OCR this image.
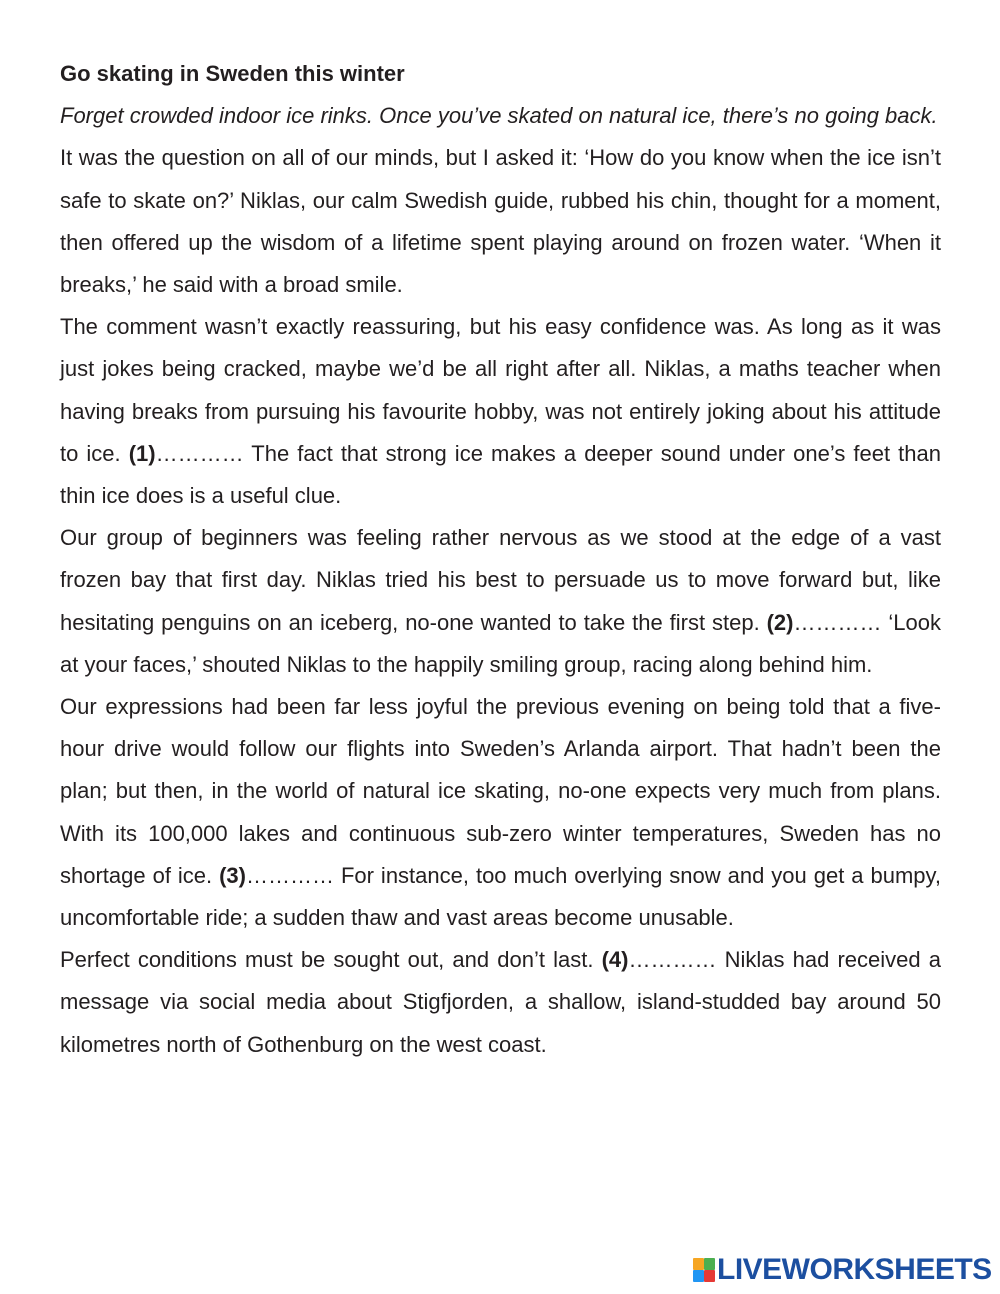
Go skating in Sweden this winter

Forget crowded indoor ice rinks. Once you’ve skated on natural ice, there’s no going back.

It was the question on all of our minds, but I asked it: ‘How do you know when the ice isn’t safe to skate on?’ Niklas, our calm Swedish guide, rubbed his chin, thought for a moment, then offered up the wisdom of a lifetime spent playing around on frozen water. ‘When it breaks,’ he said with a broad smile.

The comment wasn’t exactly reassuring, but his easy confidence was. As long as it was just jokes being cracked, maybe we’d be all right after all. Niklas, a maths teacher when having breaks from pursuing his favourite hobby, was not entirely joking about his attitude to ice. (1)………… The fact that strong ice makes a deeper sound under one’s feet than thin ice does is a useful clue.

Our group of beginners was feeling rather nervous as we stood at the edge of a vast frozen bay that first day. Niklas tried his best to persuade us to move forward but, like hesitating penguins on an iceberg, no-one wanted to take the first step. (2)………… ‘Look at your faces,’ shouted Niklas to the happily smiling group, racing along behind him.

Our expressions had been far less joyful the previous evening on being told that a five-hour drive would follow our flights into Sweden’s Arlanda airport. That hadn’t been the plan; but then, in the world of natural ice skating, no-one expects very much from plans. With its 100,000 lakes and continuous sub-zero winter temperatures, Sweden has no shortage of ice. (3)………… For instance, too much overlying snow and you get a bumpy, uncomfortable ride; a sudden thaw and vast areas become unusable.

Perfect conditions must be sought out, and don’t last. (4)………… Niklas had received a message via social media about Stigfjorden, a shallow, island-studded bay around 50 kilometres north of Gothenburg on the west coast.

LIVEWORKSHEETS
